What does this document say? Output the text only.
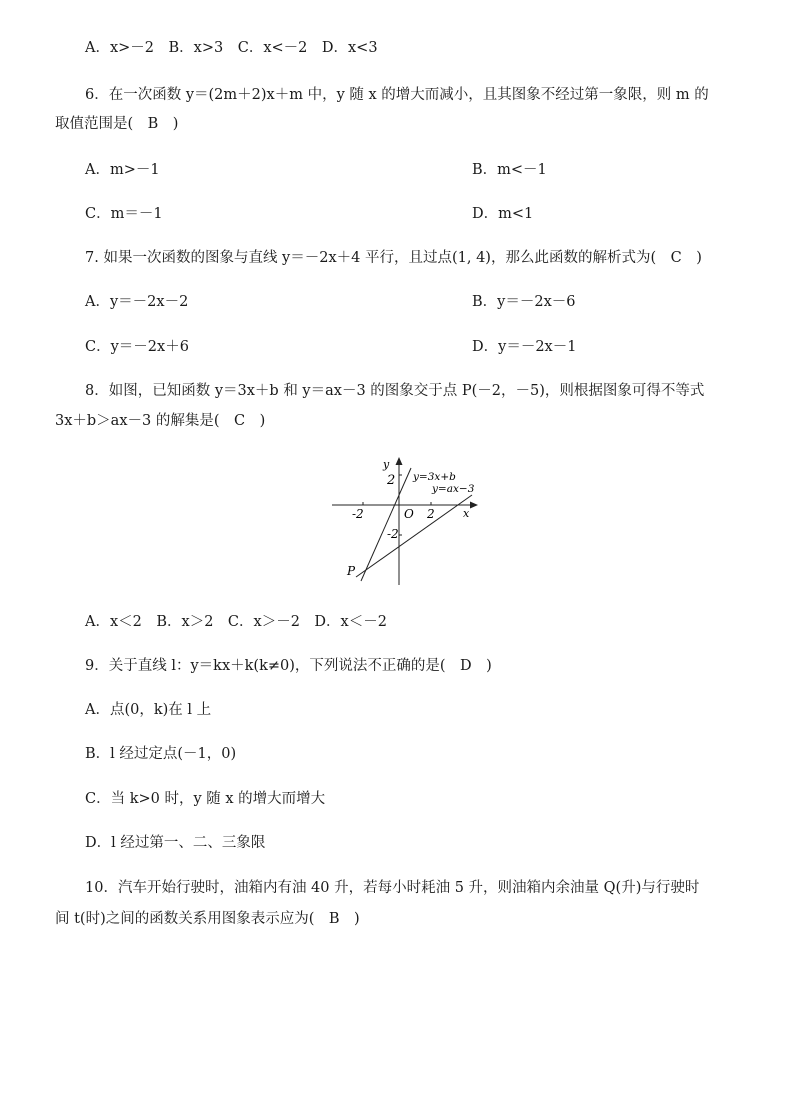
A．x>－2　B．x>3　C．x<－2　D．x<3
6．在一次函数 y＝(2m＋2)x＋m 中，y 随 x 的增大而减小，且其图象不经过第一象限，则 m 的
取值范围是(　B　)
A．m>－1	B．m<－1
C．m＝－1	D．m<1
7. 如果一次函数的图象与直线 y＝－2x＋4 平行，且过点(1, 4)，那么此函数的解析式为(　C　)
A．y＝－2x－2	B．y＝－2x－6
C．y＝－2x＋6	D．y＝－2x－1
8．如图，已知函数 y＝3x＋b 和 y＝ax－3 的图象交于点 P(－2，－5)，则根据图象可得不等式
3x＋b＞ax－3 的解集是(　C　)
y
x
O
2
-2
-2	2
y=3x+b
y=ax−3
P
A．x＜2　B．x＞2　C．x＞－2　D．x＜－2
9．关于直线 l：y＝kx＋k(k≠0)，下列说法不正确的是(　D　)
A．点(0，k)在 l 上
B．l 经过定点(－1，0)
C．当 k>0 时，y 随 x 的增大而增大
D．l 经过第一、二、三象限
10．汽车开始行驶时，油箱内有油 40 升，若每小时耗油 5 升，则油箱内余油量 Q(升)与行驶时
间 t(时)之间的函数关系用图象表示应为(　B　)
